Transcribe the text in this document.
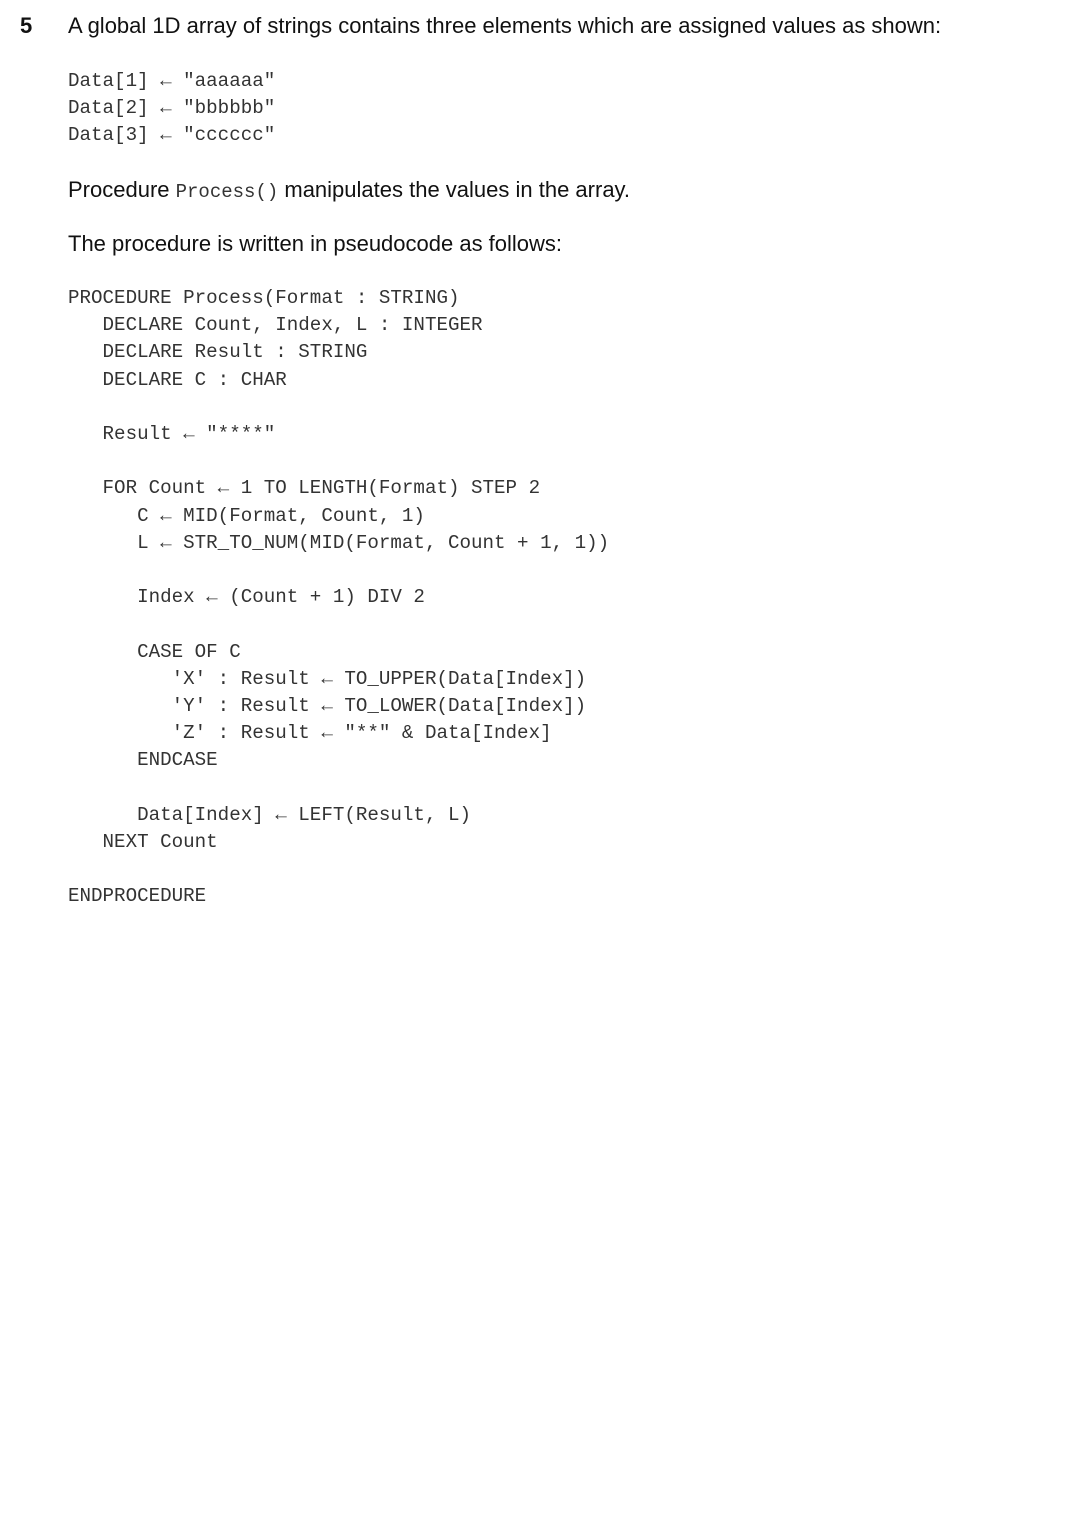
5 A global 1D array of strings contains three elements which are assigned values as shown:
Data[1] ← "aaaaaa"
Data[2] ← "bbbbbb"
Data[3] ← "cccccc"
Procedure Process() manipulates the values in the array.
The procedure is written in pseudocode as follows:
PROCEDURE Process(Format : STRING)
DECLARE Count, Index, L : INTEGER
DECLARE Result : STRING
DECLARE C : CHAR

Result ← "****"

FOR Count ← 1 TO LENGTH(Format) STEP 2
C ← MID(Format, Count, 1)
L ← STR_TO_NUM(MID(Format, Count + 1, 1))

Index ← (Count + 1) DIV 2

CASE OF C
'X' : Result ← TO_UPPER(Data[Index])
'Y' : Result ← TO_LOWER(Data[Index])
'Z' : Result ← "**" & Data[Index]
ENDCASE

Data[Index] ← LEFT(Result, L)
NEXT Count

ENDPROCEDURE
